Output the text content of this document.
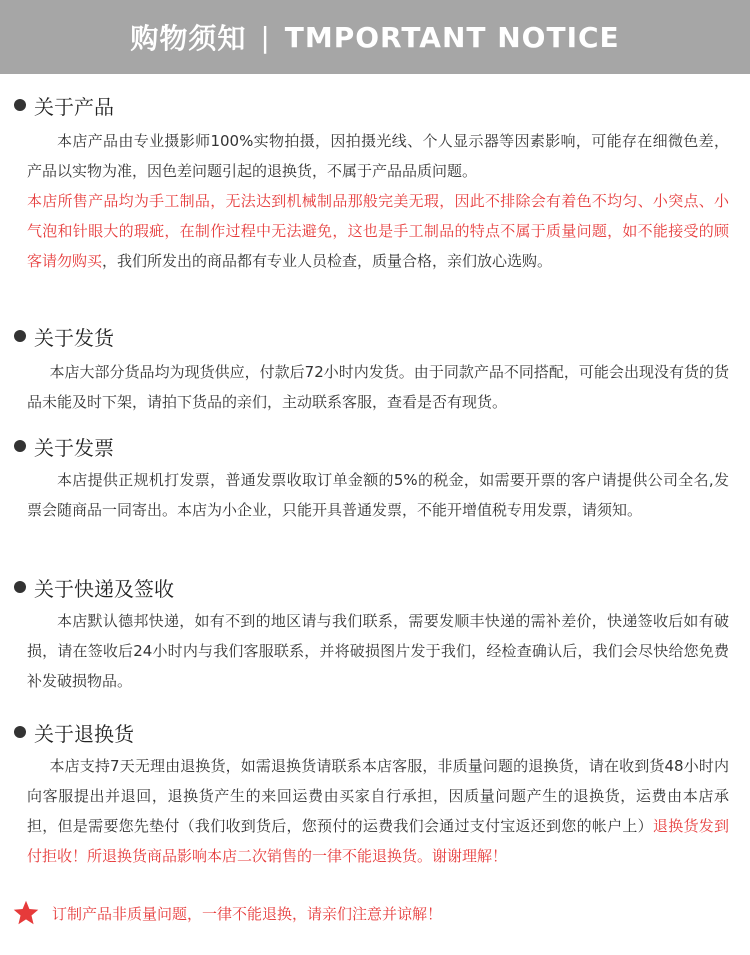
购物须知 | TMPORTANT NOTICE
关于产品
本店产品由专业摄影师100%实物拍摄，因拍摄光线、个人显示器等因素影响，可能存在细微色差，产品以实物为准，因色差问题引起的退换货，不属于产品品质问题。
本店所售产品均为手工制品，无法达到机械制品那般完美无瑕，因此不排除会有着色不均匀、小突点、小气泡和针眼大的瑕疵，在制作过程中无法避免，这也是手工制品的特点不属于质量问题，如不能接受的顾客请勿购买，我们所发出的商品都有专业人员检查，质量合格，亲们放心选购。
关于发货
本店大部分货品均为现货供应，付款后72小时内发货。由于同款产品不同搭配，可能会出现没有货的货品未能及时下架，请拍下货品的亲们，主动联系客服，查看是否有现货。
关于发票
本店提供正规机打发票，普通发票收取订单金额的5%的税金，如需要开票的客户请提供公司全名,发票会随商品一同寄出。本店为小企业，只能开具普通发票，不能开增值税专用发票，请须知。
关于快递及签收
本店默认德邦快递，如有不到的地区请与我们联系，需要发顺丰快递的需补差价，快递签收后如有破损，请在签收后24小时内与我们客服联系，并将破损图片发于我们，经检查确认后，我们会尽快给您免费补发破损物品。
关于退换货
本店支持7天无理由退换货，如需退换货请联系本店客服，非质量问题的退换货，请在收到货48小时内向客服提出并退回，退换货产生的来回运费由买家自行承担，因质量问题产生的退换货，运费由本店承担，但是需要您先垫付（我们收到货后，您预付的运费我们会通过支付宝返还到您的帐户上）退换货发到付拒收！所退换货商品影响本店二次销售的一律不能退换货。谢谢理解！
订制产品非质量问题，一律不能退换，请亲们注意并谅解！
